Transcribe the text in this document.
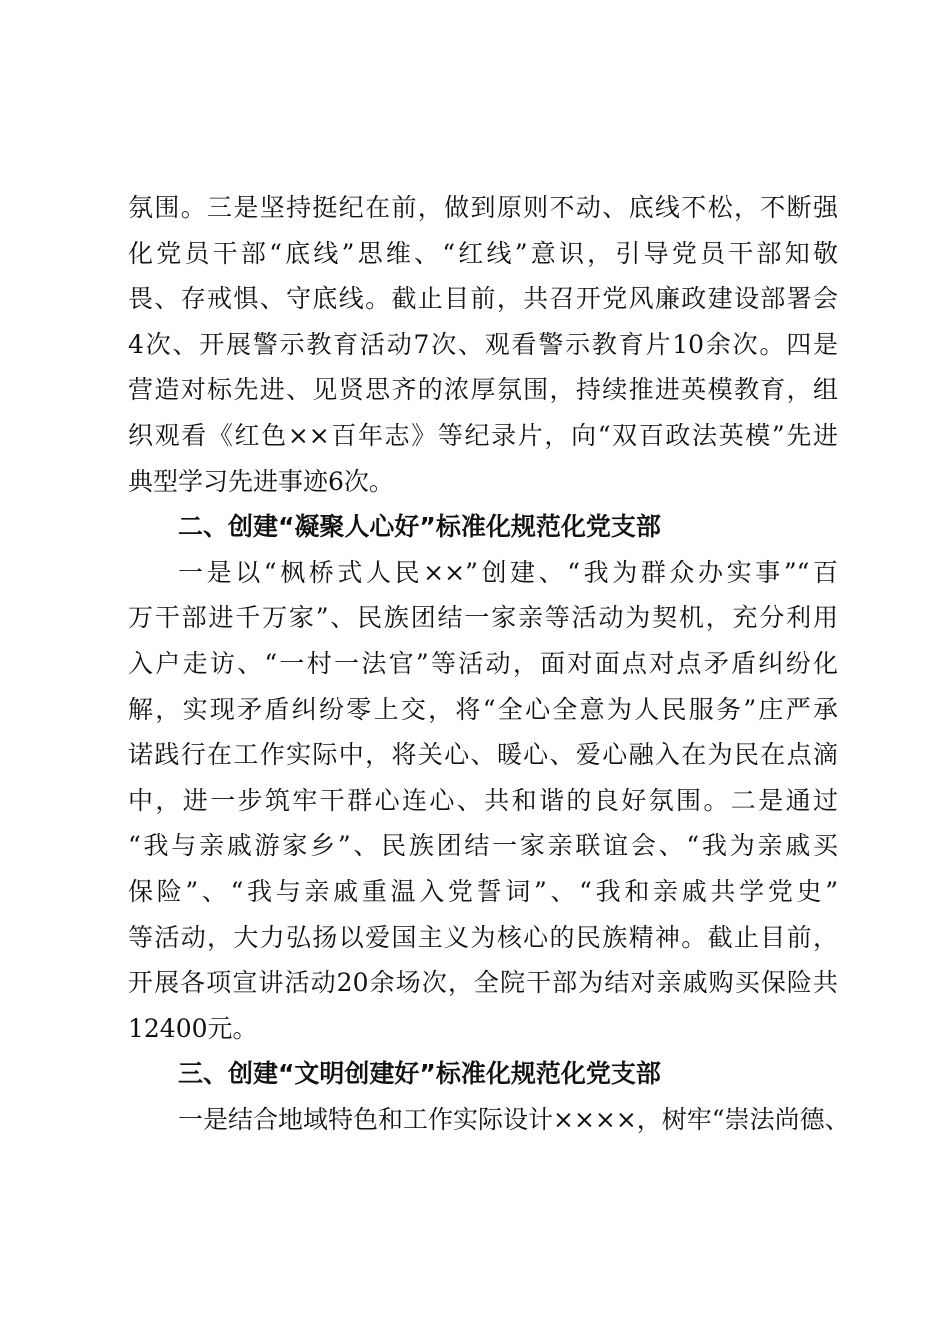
氛围。三是坚持挺纪在前，做到原则不动、底线不松，不断强
化党员干部“底线”思维、“红线”意识，引导党员干部知敬
畏、存戒惧、守底线。截止目前，共召开党风廉政建设部署会
4次、开展警示教育活动7次、观看警示教育片10余次。四是
营造对标先进、见贤思齐的浓厚氛围，持续推进英模教育，组
织观看《红色××百年志》等纪录片，向“双百政法英模”先进
典型学习先进事迹6次。
二、创建“凝聚人心好”标准化规范化党支部
一是以“枫桥式人民××”创建、“我为群众办实事”“百
万干部进千万家”、民族团结一家亲等活动为契机，充分利用
入户走访、“一村一法官”等活动，面对面点对点矛盾纠纷化
解，实现矛盾纠纷零上交，将“全心全意为人民服务”庄严承
诺践行在工作实际中，将关心、暖心、爱心融入在为民在点滴
中，进一步筑牢干群心连心、共和谐的良好氛围。二是通过
“我与亲戚游家乡”、民族团结一家亲联谊会、“我为亲戚买
保险”、“我与亲戚重温入党誓词”、“我和亲戚共学党史”
等活动，大力弘扬以爱国主义为核心的民族精神。截止目前，
开展各项宣讲活动20余场次，全院干部为结对亲戚购买保险共
12400元。
三、创建“文明创建好”标准化规范化党支部
一是结合地域特色和工作实际设计××××，树牢“崇法尚德、
